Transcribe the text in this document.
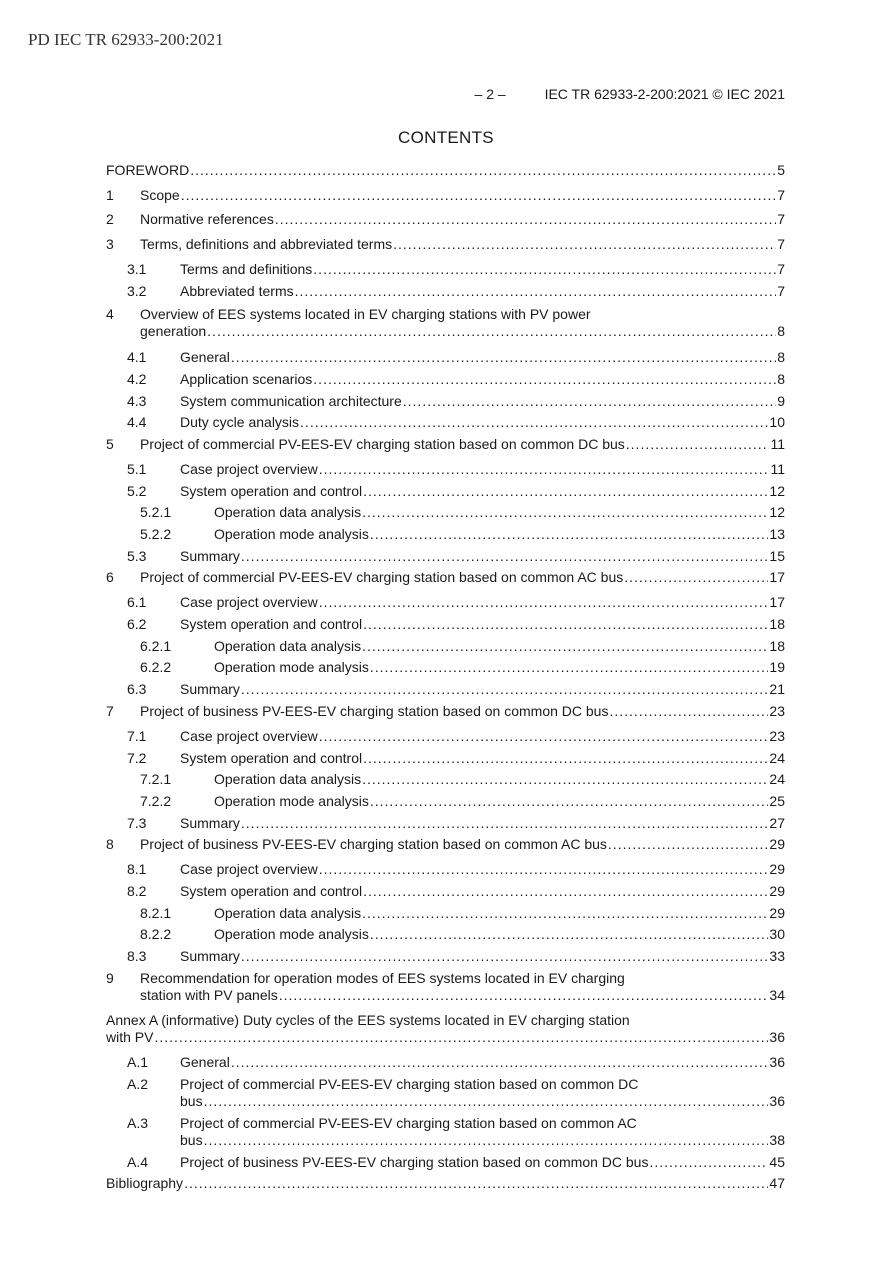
PD IEC TR 62933-200:2021
– 2 –	IEC TR 62933-2-200:2021 © IEC 2021
CONTENTS
FOREWORD .....	5
1 Scope .....	7
2 Normative references .....	7
3 Terms, definitions and abbreviated terms .....	7
3.1 Terms and definitions .....	7
3.2 Abbreviated terms .....	7
4	Overview of EES systems located in EV charging stations with PV power
generation .....	8
4.1 General .....	8
4.2 Application scenarios .....	8
4.3 System communication architecture .....	9
4.4 Duty cycle analysis .....	10
5 Project of commercial PV-EES-EV charging station based on common DC bus .....	11
5.1 Case project overview .....	11
5.2 System operation and control .....	12
5.2.1	Operation data analysis .....	12
5.2.2	Operation mode analysis .....	13
5.3 Summary .....	15
6 Project of commercial PV-EES-EV charging station based on common AC bus .....	17
6.1 Case project overview .....	17
6.2 System operation and control .....	18
6.2.1	Operation data analysis .....	18
6.2.2	Operation mode analysis .....	19
6.3 Summary .....	21
7 Project of business PV-EES-EV charging station based on common DC bus .....	23
7.1 Case project overview .....	23
7.2 System operation and control .....	24
7.2.1	Operation data analysis .....	24
7.2.2	Operation mode analysis .....	25
7.3 Summary .....	27
8 Project of business PV-EES-EV charging station based on common AC bus .....	29
8.1 Case project overview .....	29
8.2 System operation and control .....	29
8.2.1	Operation data analysis .....	29
8.2.2	Operation mode analysis .....	30
8.3 Summary .....	33
9	Recommendation for operation modes of EES systems located in EV charging
station with PV panels .....	34
Annex A (informative) Duty cycles of the EES systems located in EV charging station
with PV .....	36
A.1 General .....	36
A.2	Project of commercial PV-EES-EV charging station based on common DC
bus .....	36
A.3	Project of commercial PV-EES-EV charging station based on common AC
bus .....	38
A.4 Project of business PV-EES-EV charging station based on common DC bus .....	45
Bibliography .....	47
